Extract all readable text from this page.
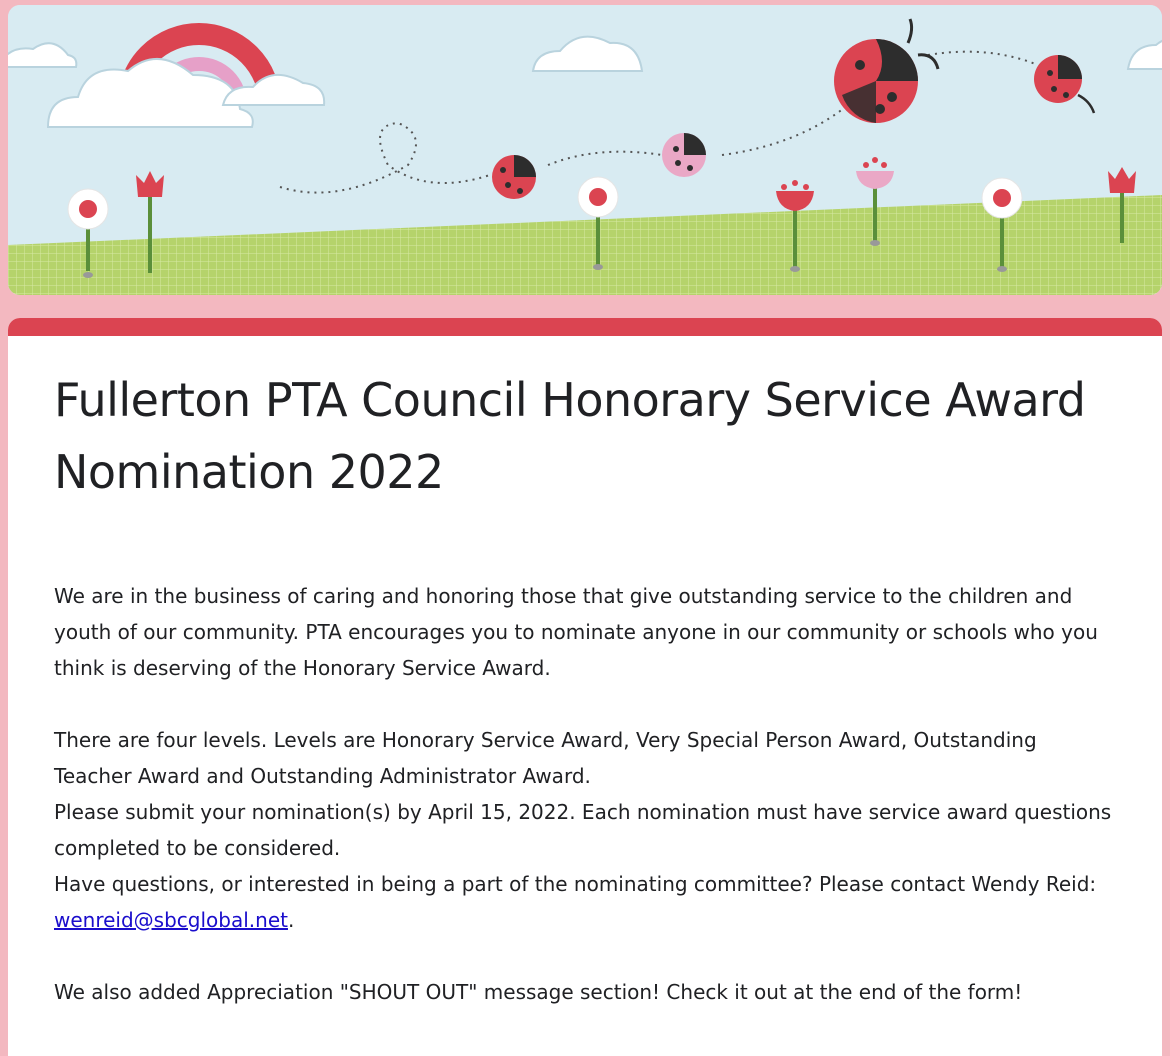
Fullerton PTA Council Honorary Service Award Nomination 2022

We are in the business of caring and honoring those that give outstanding service to the children and youth of our community. PTA encourages you to nominate anyone in our community or schools who you think is deserving of the Honorary Service Award.

There are four levels. Levels are Honorary Service Award, Very Special Person Award, Outstanding Teacher Award and Outstanding Administrator Award.

Please submit your nomination(s) by April 15, 2022. Each nomination must have service award questions completed to be considered.

Have questions, or interested in being a part of the nominating committee? Please contact Wendy Reid: wenreid@sbcglobal.net.

We also added Appreciation "SHOUT OUT" message section! Check it out at the end of the form!
